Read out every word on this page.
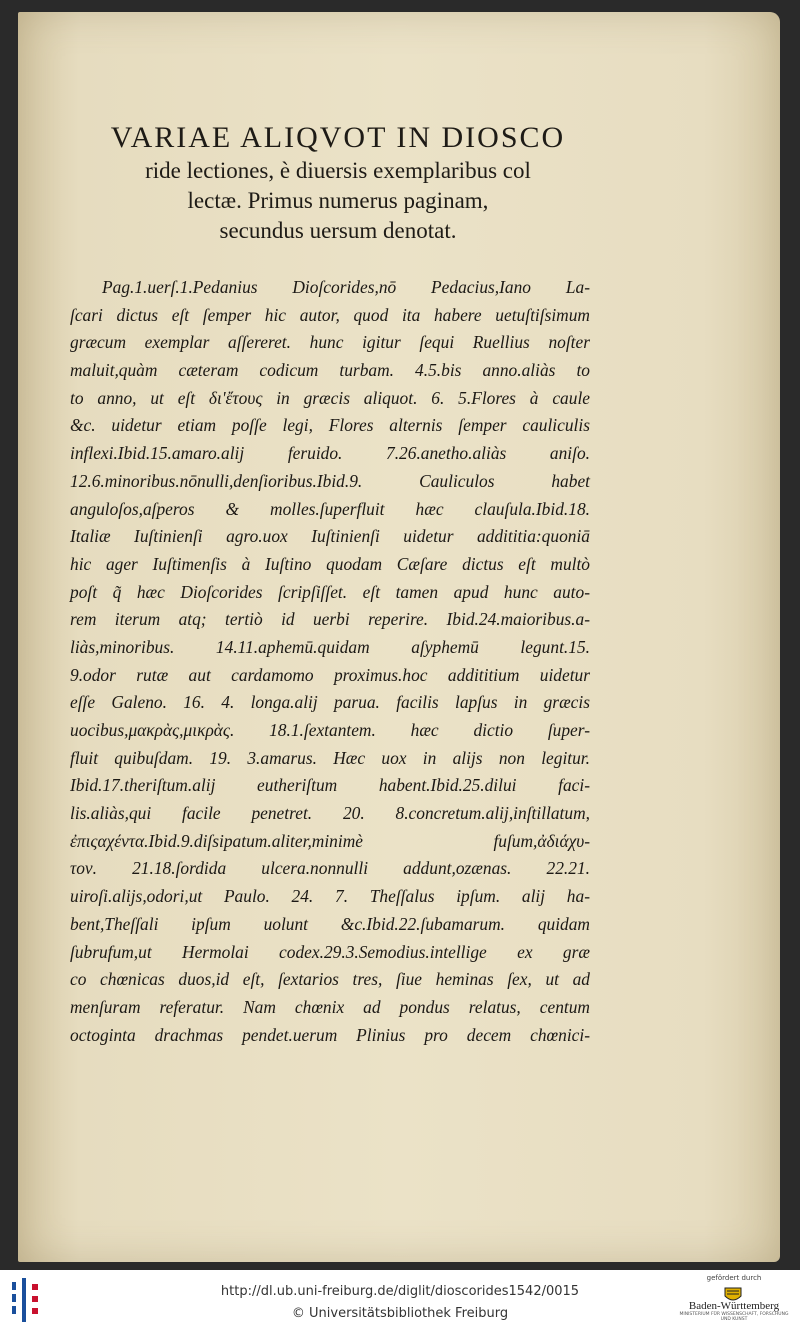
VARIAE ALIQVOT IN DIOSCO
ride lectiones, è diuersis exemplaribus col
lectæ. Primus numerus paginam,
secundus uersum denotat.
Pag.1.uerſ.1.Pedanius Dioſcorides,nō Pedacius,Iano La-
ſcari dictus eſt ſemper hic autor, quod ita habere uetuſtiſsimum
græcum exemplar aſſereret. hunc igitur ſequi Ruellius noſter
maluit,quàm cæteram codicum turbam. 4.5.bis anno.aliàs to
to anno, ut eſt δι'ἔτους in græcis aliquot. 6. 5.Flores à caule
&c. uidetur etiam poſſe legi, Flores alternis ſemper cauliculis
inflexi.Ibid.15.amaro.alij feruido. 7.26.anetho.aliàs aniſo.
12.6.minoribus.nōnulli,denſioribus.Ibid.9. Cauliculos habet
anguloſos,aſperos & molles.ſuperfluit hæc clauſula.Ibid.18.
Italiæ Iuſtinienſi agro.uox Iuſtinienſi uidetur addititia:quoniā
hic ager Iuſtimenſis à Iuſtino quodam Cæſare dictus eſt multò
poſt q̃ hæc Dioſcorides ſcripſiſſet. eſt tamen apud hunc auto-
rem iterum atq; tertiò id uerbi reperire. Ibid.24.maioribus.a-
liàs,minoribus. 14.11.aphemū.quidam aſyphemū legunt.15.
9.odor rutæ aut cardamomo proximus.hoc addititium uidetur
eſſe Galeno. 16. 4. longa.alij parua. facilis lapſus in græcis
uocibus,μακρὰς,μικρὰς. 18.1.ſextantem. hæc dictio ſuper-
fluit quibuſdam. 19. 3.amarus. Hæc uox in alijs non legitur.
Ibid.17.theriſtum.alij eutheriſtum habent.Ibid.25.dilui faci-
lis.aliàs,qui facile penetret. 20. 8.concretum.alij,inſtillatum,
ἐπιςαχέντα.Ibid.9.diſsipatum.aliter,minimè fuſum,ἀδιάχυ-
τον. 21.18.ſordida ulcera.nonnulli addunt,ozænas. 22.21.
uiroſi.alijs,odori,ut Paulo. 24. 7. Theſſalus ipſum. alij ha-
bent,Theſſali ipſum uolunt &c.Ibid.22.ſubamarum. quidam
ſubrufum,ut Hermolai codex.29.3.Semodius.intellige ex græ
co chœnicas duos,id eſt, ſextarios tres, ſiue heminas ſex, ut ad
menſuram referatur. Nam chœnix ad pondus relatus, centum
octoginta drachmas pendet.uerum Plinius pro decem chœnici-
http://dl.ub.uni-freiburg.de/diglit/dioscorides1542/0015
© Universitätsbibliothek Freiburg
gefördert durch
Baden-Württemberg
MINISTERIUM FÜR WISSENSCHAFT, FORSCHUNG UND KUNST
